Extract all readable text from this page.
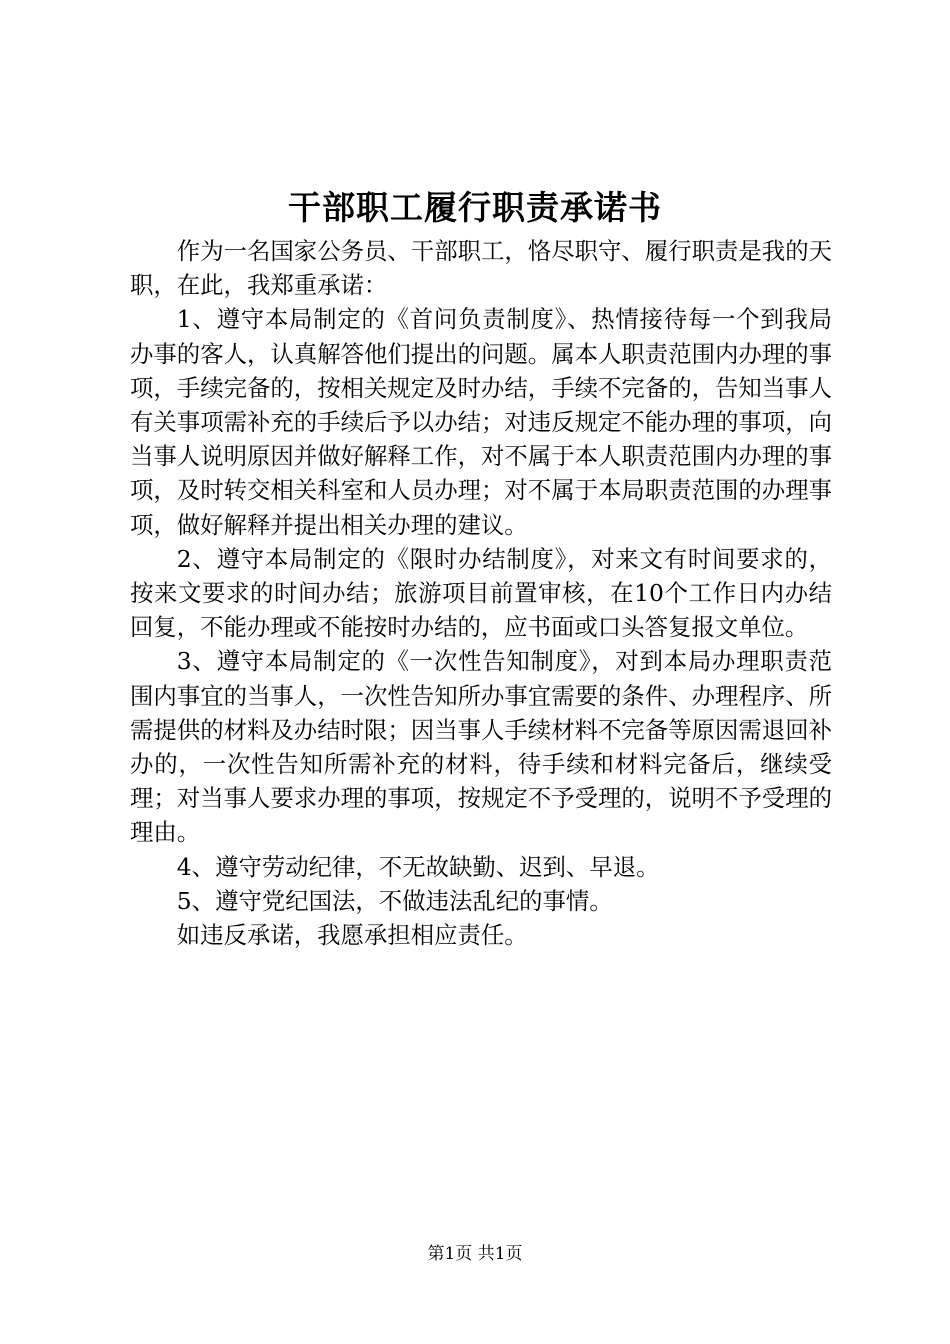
干部职工履行职责承诺书

作为一名国家公务员、干部职工，恪尽职守、履行职责是我的天职，在此，我郑重承诺：

1、遵守本局制定的《首问负责制度》、热情接待每一个到我局办事的客人，认真解答他们提出的问题。属本人职责范围内办理的事项，手续完备的，按相关规定及时办结，手续不完备的，告知当事人有关事项需补充的手续后予以办结；对违反规定不能办理的事项，向当事人说明原因并做好解释工作，对不属于本人职责范围内办理的事项，及时转交相关科室和人员办理；对不属于本局职责范围的办理事项，做好解释并提出相关办理的建议。

2、遵守本局制定的《限时办结制度》，对来文有时间要求的，按来文要求的时间办结；旅游项目前置审核，在10个工作日内办结回复，不能办理或不能按时办结的，应书面或口头答复报文单位。

3、遵守本局制定的《一次性告知制度》，对到本局办理职责范围内事宜的当事人，一次性告知所办事宜需要的条件、办理程序、所需提供的材料及办结时限；因当事人手续材料不完备等原因需退回补办的，一次性告知所需补充的材料，待手续和材料完备后，继续受理；对当事人要求办理的事项，按规定不予受理的，说明不予受理的理由。

4、遵守劳动纪律，不无故缺勤、迟到、早退。

5、遵守党纪国法，不做违法乱纪的事情。

如违反承诺，我愿承担相应责任。

第1页 共1页
